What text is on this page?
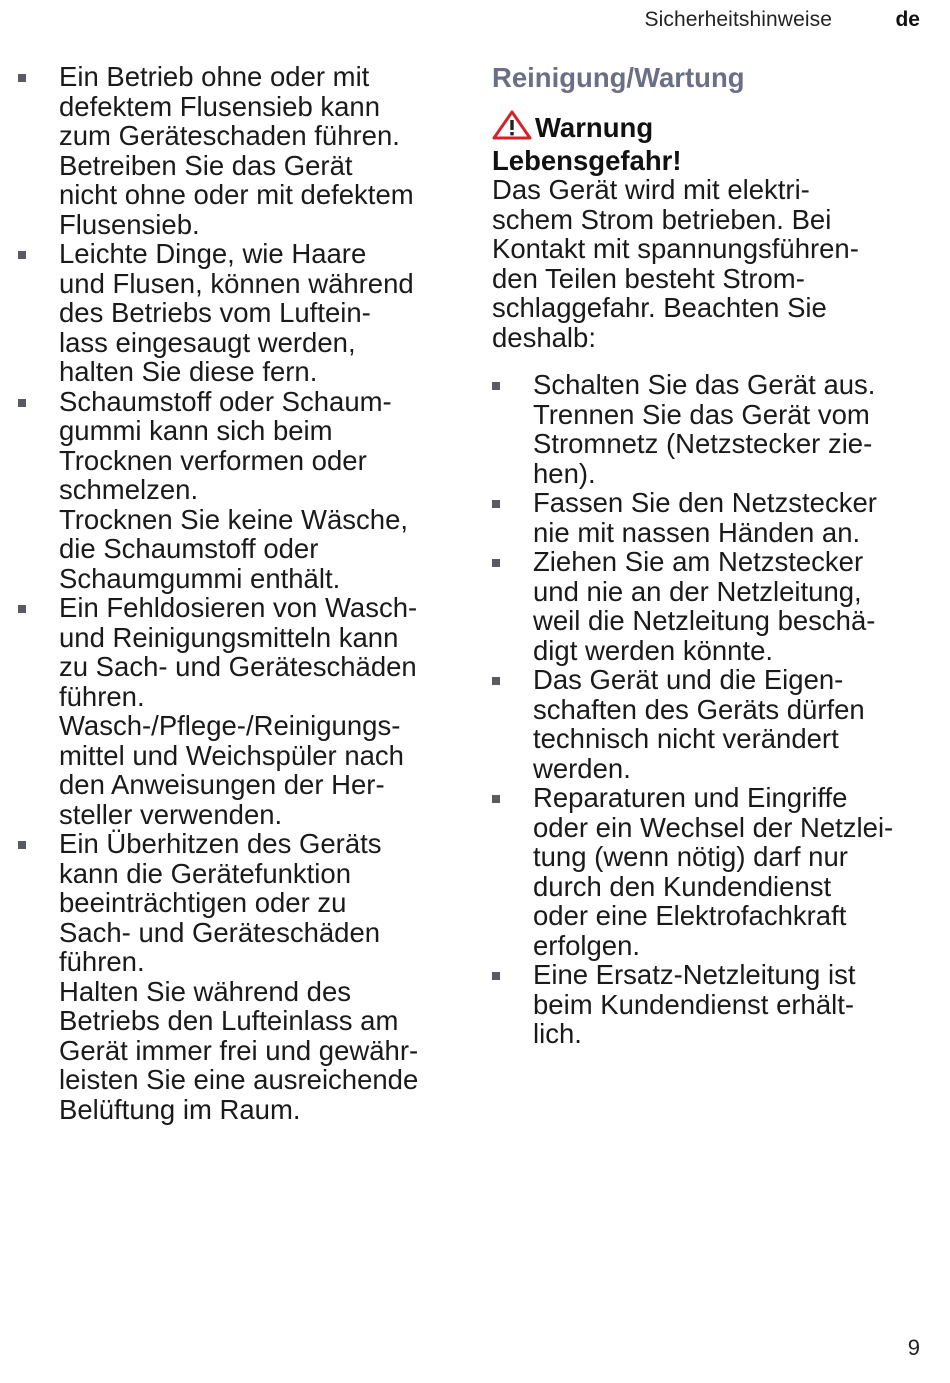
Sicherheitshinweise	de
Ein Betrieb ohne oder mit
defektem Flusensieb kann
zum Geräteschaden führen.
Betreiben Sie das Gerät
nicht ohne oder mit defektem
Flusensieb.
Leichte Dinge, wie Haare
und Flusen, können während
des Betriebs vom Luftein-
lass eingesaugt werden,
halten Sie diese fern.
Schaumstoff oder Schaum-
gummi kann sich beim
Trocknen verformen oder
schmelzen.
Trocknen Sie keine Wäsche,
die Schaumstoff oder
Schaumgummi enthält.
Ein Fehldosieren von Wasch-
und Reinigungsmitteln kann
zu Sach- und Geräteschäden
führen.
Wasch-/Pflege-/Reinigungs-
mittel und Weichspüler nach
den Anweisungen der Her-
steller verwenden.
Ein Überhitzen des Geräts
kann die Gerätefunktion
beeinträchtigen oder zu
Sach- und Geräteschäden
führen.
Halten Sie während des
Betriebs den Lufteinlass am
Gerät immer frei und gewähr-
leisten Sie eine ausreichende
Belüftung im Raum.
Reinigung/Wartung
Warnung
Lebensgefahr!
Das Gerät wird mit elektri-
schem Strom betrieben. Bei
Kontakt mit spannungsführen-
den Teilen besteht Strom-
schlaggefahr. Beachten Sie
deshalb:
Schalten Sie das Gerät aus.
Trennen Sie das Gerät vom
Stromnetz (Netzstecker zie-
hen).
Fassen Sie den Netzstecker
nie mit nassen Händen an.
Ziehen Sie am Netzstecker
und nie an der Netzleitung,
weil die Netzleitung beschä-
digt werden könnte.
Das Gerät und die Eigen-
schaften des Geräts dürfen
technisch nicht verändert
werden.
Reparaturen und Eingriffe
oder ein Wechsel der Netzlei-
tung (wenn nötig) darf nur
durch den Kundendienst
oder eine Elektrofachkraft
erfolgen.
Eine Ersatz-Netzleitung ist
beim Kundendienst erhält-
lich.
9
